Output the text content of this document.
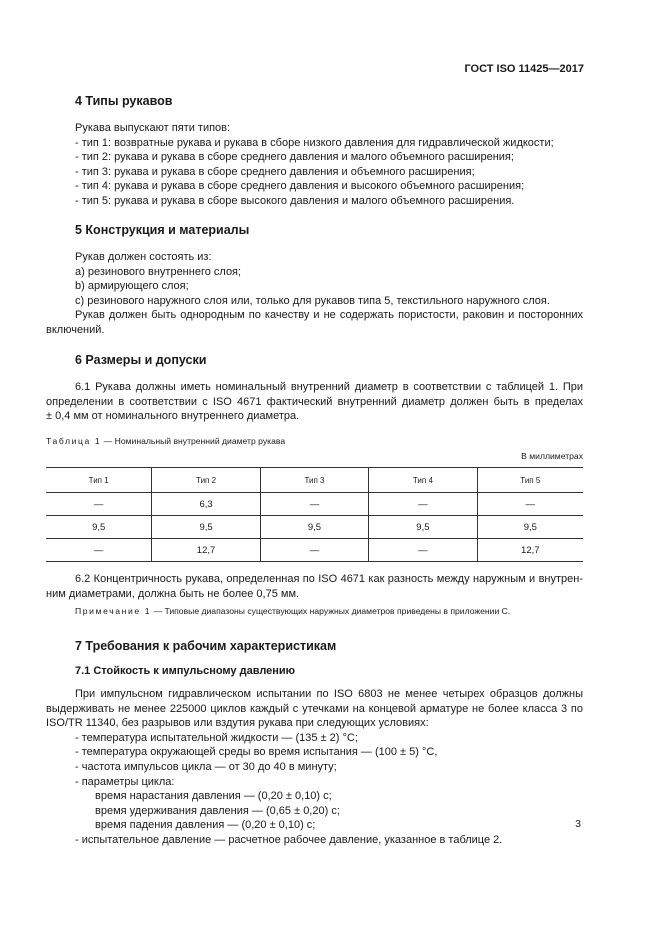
ГОСТ ISO 11425—2017
4 Типы рукавов
Рукава выпускают пяти типов:
- тип 1: возвратные рукава и рукава в сборе низкого давления для гидравлической жидкости;
- тип 2: рукава и рукава в сборе среднего давления и малого объемного расширения;
- тип 3: рукава и рукава в сборе среднего давления и объемного расширения;
- тип 4: рукава и рукава в сборе среднего давления и высокого объемного расширения;
- тип 5: рукава и рукава в сборе высокого давления и малого объемного расширения.
5 Конструкция и материалы
Рукав должен состоять из:
a) резинового внутреннего слоя;
b) армирующего слоя;
c) резинового наружного слоя или, только для рукавов типа 5, текстильного наружного слоя.
Рукав должен быть однородным по качеству и не содержать пористости, раковин и посторонних
включений.
6 Размеры и допуски
6.1 Рукава должны иметь номинальный внутренний диаметр в соответствии с таблицей 1. При
определении в соответствии с ISO 4671 фактический внутренний диаметр должен быть в пределах
± 0,4 мм от номинального внутреннего диаметра.
Таблица 1 — Номинальный внутренний диаметр рукава
В миллиметрах
Тип 1	Тип 2	Тип 3	Тип 4	Тип 5
—	6,3	—	—	—
9,5	9,5	9,5	9,5	9,5
—	12,7	—	—	12,7
6.2 Концентричность рукава, определенная по ISO 4671 как разность между наружным и внутрен-
ним диаметрами, должна быть не более 0,75 мм.
Примечание 1 — Типовые диапазоны существующих наружных диаметров приведены в приложении С.
7 Требования к рабочим характеристикам
7.1 Стойкость к импульсному давлению
При импульсном гидравлическом испытании по ISO 6803 не менее четырех образцов должны
выдерживать не менее 225000 циклов каждый с утечками на концевой арматуре не более класса 3 по
ISO/TR 11340, без разрывов или вздутия рукава при следующих условиях:
- температура испытательной жидкости — (135 ± 2) °С;
- температура окружающей среды во время испытания — (100 ± 5) °С,
- частота импульсов цикла — от 30 до 40 в минуту;
- параметры цикла:
время нарастания давления — (0,20 ± 0,10) с;
время удерживания давления — (0,65 ± 0,20) с;
время падения давления — (0,20 ± 0,10) с;
- испытательное давление — расчетное рабочее давление, указанное в таблице 2.
3
